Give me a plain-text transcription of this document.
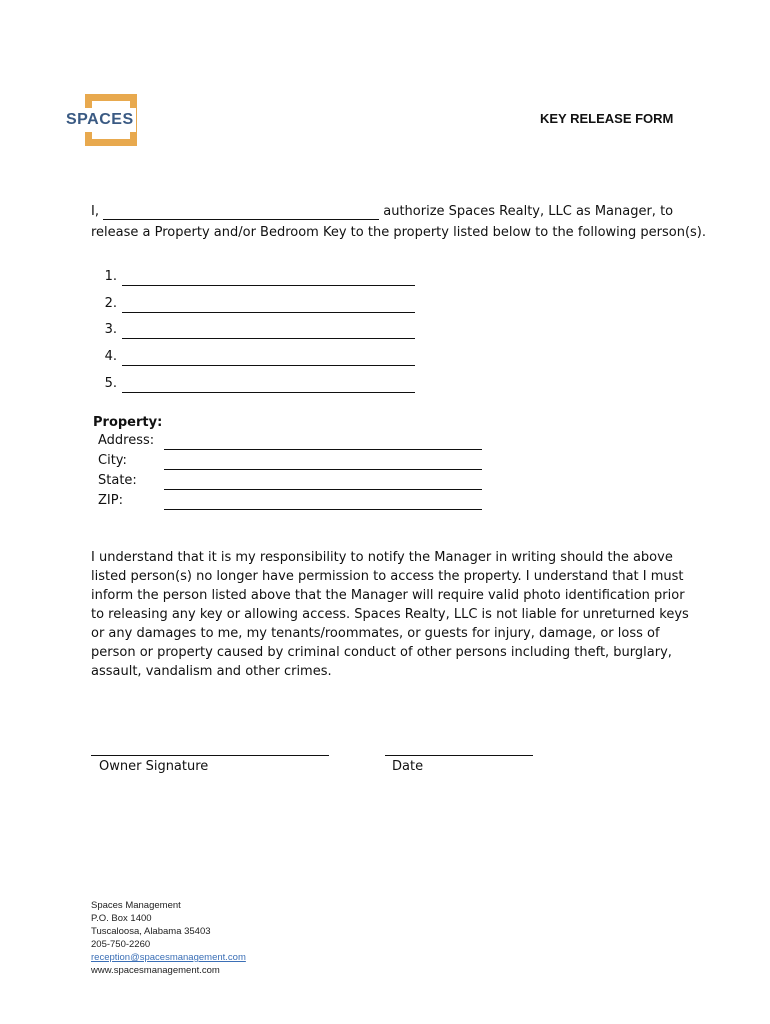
SPACES	KEY RELEASE FORM
I,	authorize Spaces Realty, LLC as Manager, to
release a Property and/or Bedroom Key to the property listed below to the following person(s).
1.
2.
3.
4.
5.
Property:
Address:
City:
State:
ZIP:
I understand that it is my responsibility to notify the Manager in writing should the above listed person(s) no longer have permission to access the property. I understand that I must inform the person listed above that the Manager will require valid photo identification prior to releasing any key or allowing access. Spaces Realty, LLC is not liable for unreturned keys or any damages to me, my tenants/roommates, or guests for injury, damage, or loss of person or property caused by criminal conduct of other persons including theft, burglary, assault, vandalism and other crimes.
Owner Signature	Date
Spaces Management
P.O. Box 1400
Tuscaloosa, Alabama 35403
205-750-2260
reception@spacesmanagement.com
www.spacesmanagement.com
